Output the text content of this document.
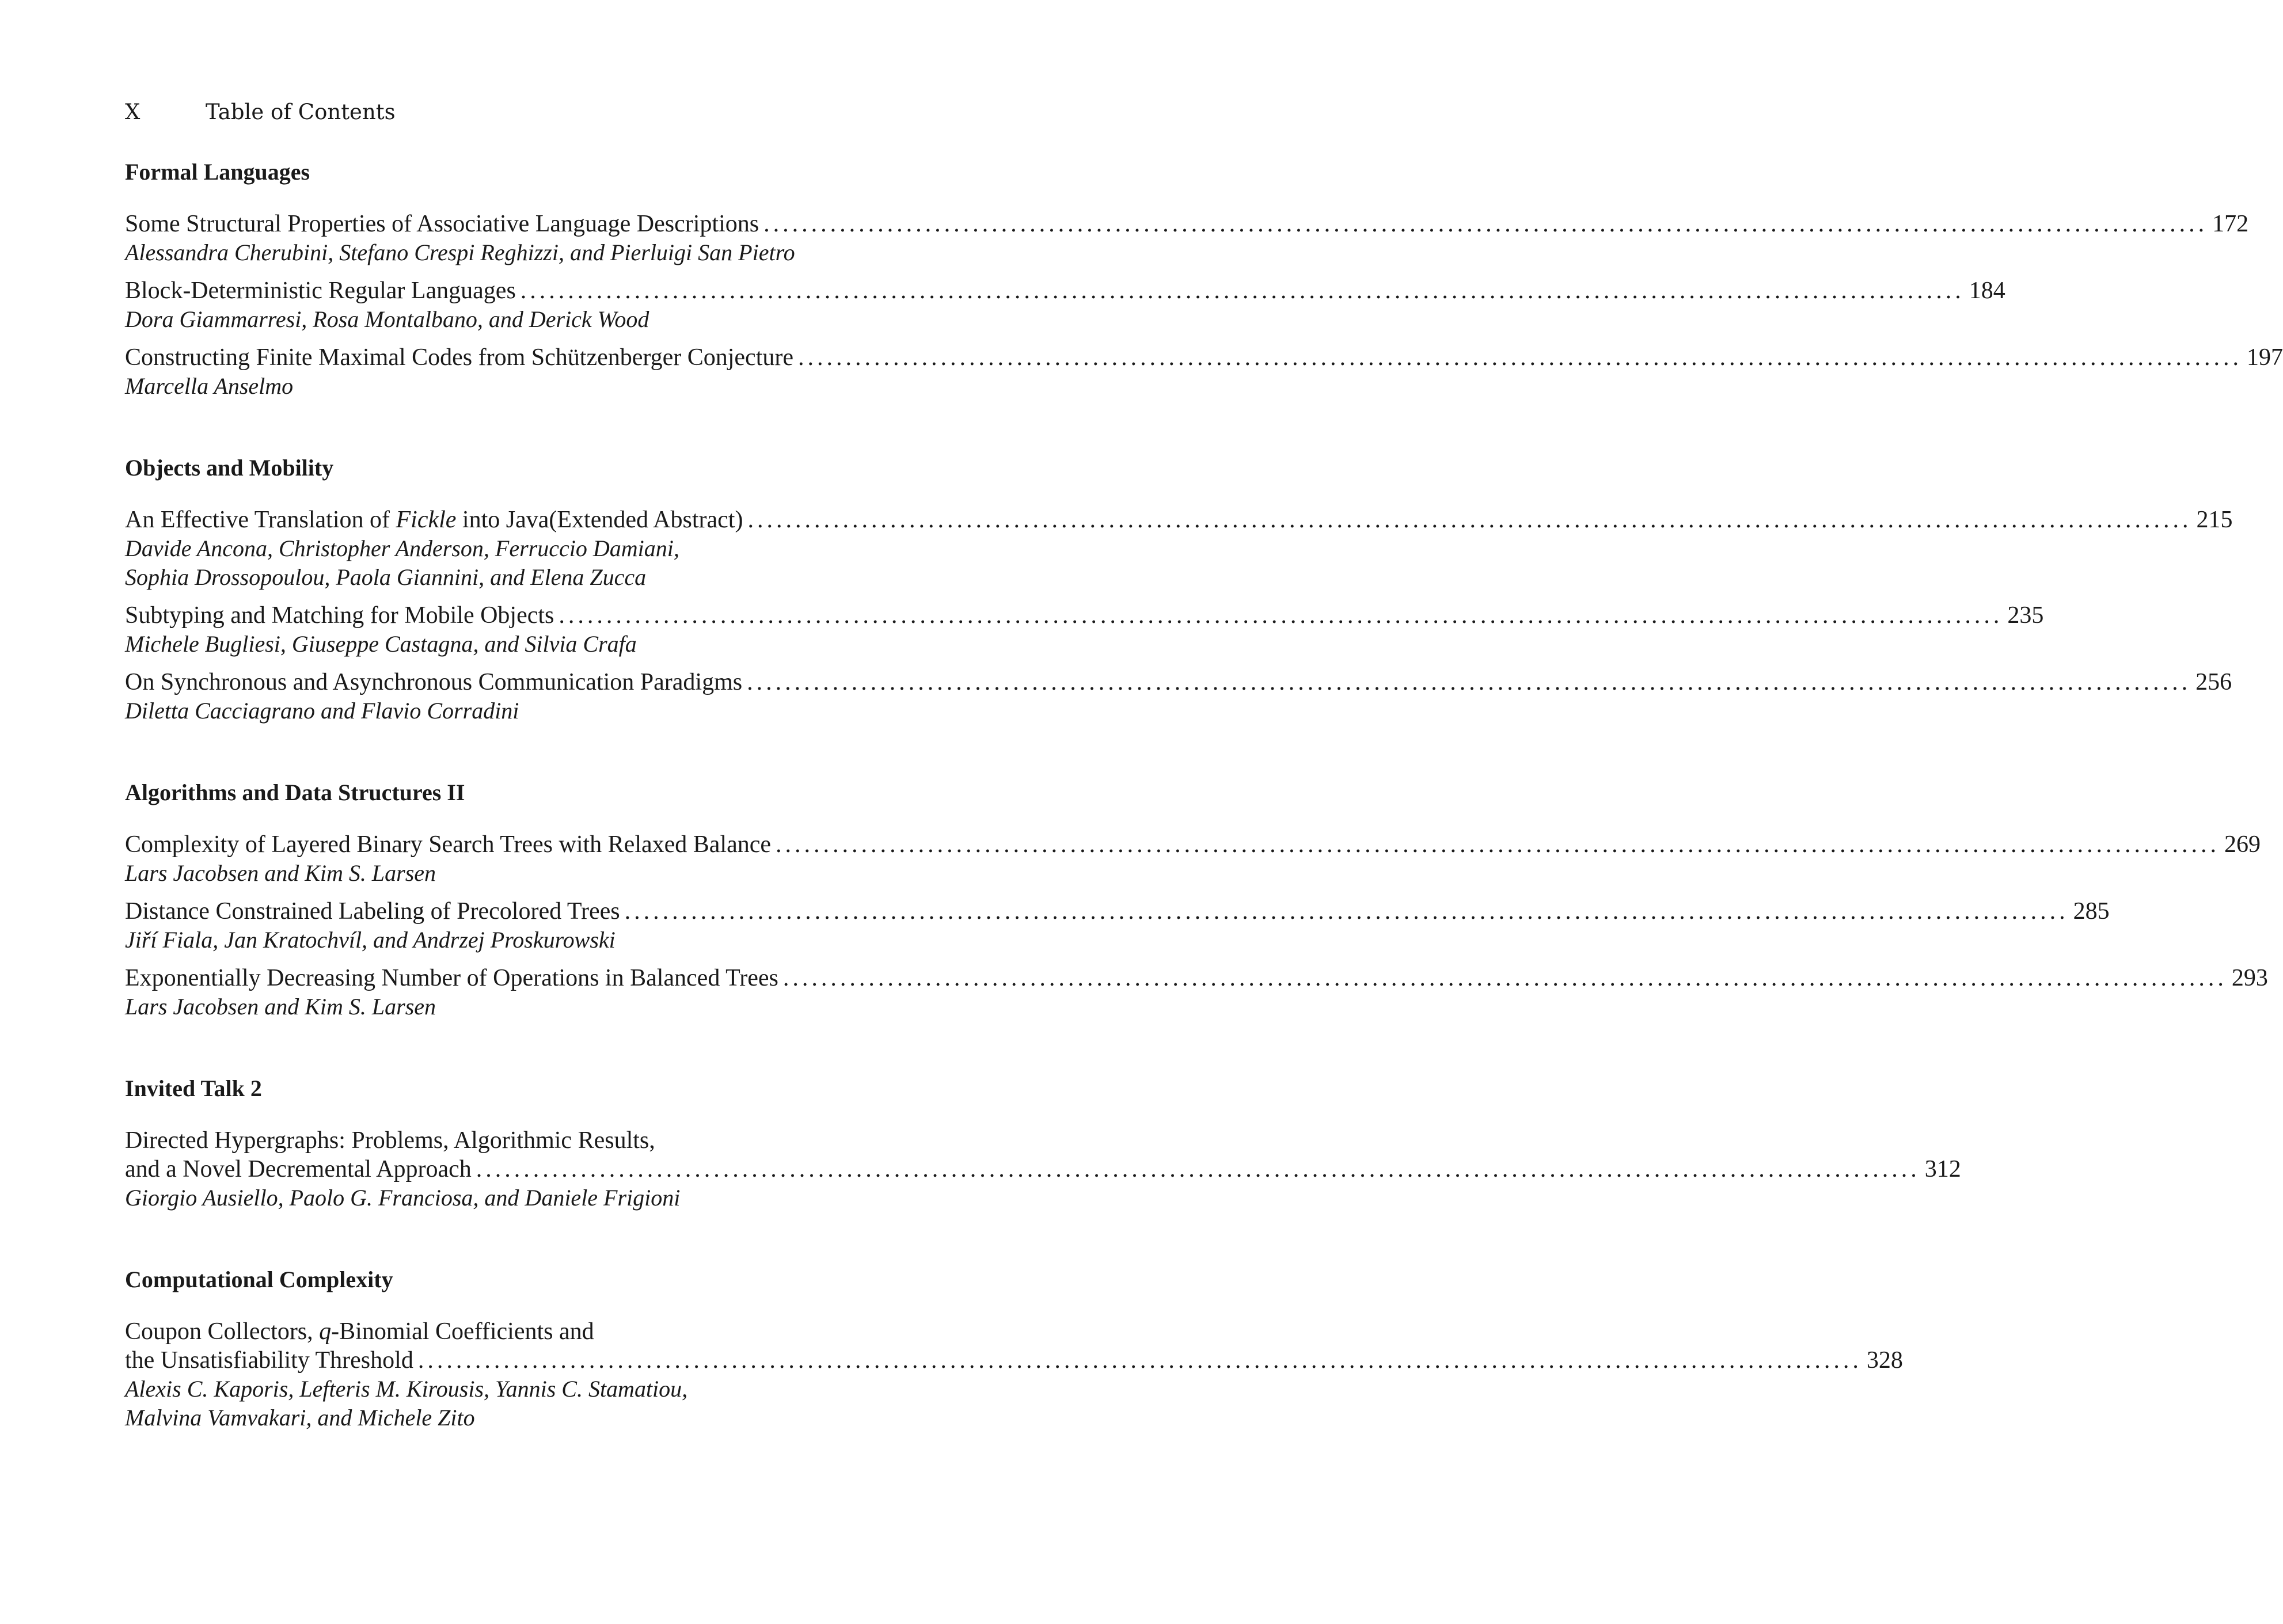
X	Table of Contents
Formal Languages
Some Structural Properties of Associative Language Descriptions ........................................................................................................................................................ 172
Alessandra Cherubini, Stefano Crespi Reghizzi, and Pierluigi San Pietro
Block-Deterministic Regular Languages ........................................................................................................................................................ 184
Dora Giammarresi, Rosa Montalbano, and Derick Wood
Constructing Finite Maximal Codes from Schützenberger Conjecture ........................................................................................................................................................ 197
Marcella Anselmo
Objects and Mobility
An Effective Translation of Fickle into Java(Extended Abstract) ........................................................................................................................................................ 215
Davide Ancona, Christopher Anderson, Ferruccio Damiani,
Sophia Drossopoulou, Paola Giannini, and Elena Zucca
Subtyping and Matching for Mobile Objects ........................................................................................................................................................ 235
Michele Bugliesi, Giuseppe Castagna, and Silvia Crafa
On Synchronous and Asynchronous Communication Paradigms ........................................................................................................................................................ 256
Diletta Cacciagrano and Flavio Corradini
Algorithms and Data Structures II
Complexity of Layered Binary Search Trees with Relaxed Balance ........................................................................................................................................................ 269
Lars Jacobsen and Kim S. Larsen
Distance Constrained Labeling of Precolored Trees ........................................................................................................................................................ 285
Jiří Fiala, Jan Kratochvíl, and Andrzej Proskurowski
Exponentially Decreasing Number of Operations in Balanced Trees ........................................................................................................................................................ 293
Lars Jacobsen and Kim S. Larsen
Invited Talk 2
Directed Hypergraphs: Problems, Algorithmic Results,
and a Novel Decremental Approach ........................................................................................................................................................ 312
Giorgio Ausiello, Paolo G. Franciosa, and Daniele Frigioni
Computational Complexity
Coupon Collectors, q-Binomial Coefficients and
the Unsatisfiability Threshold ........................................................................................................................................................ 328
Alexis C. Kaporis, Lefteris M. Kirousis, Yannis C. Stamatiou,
Malvina Vamvakari, and Michele Zito
